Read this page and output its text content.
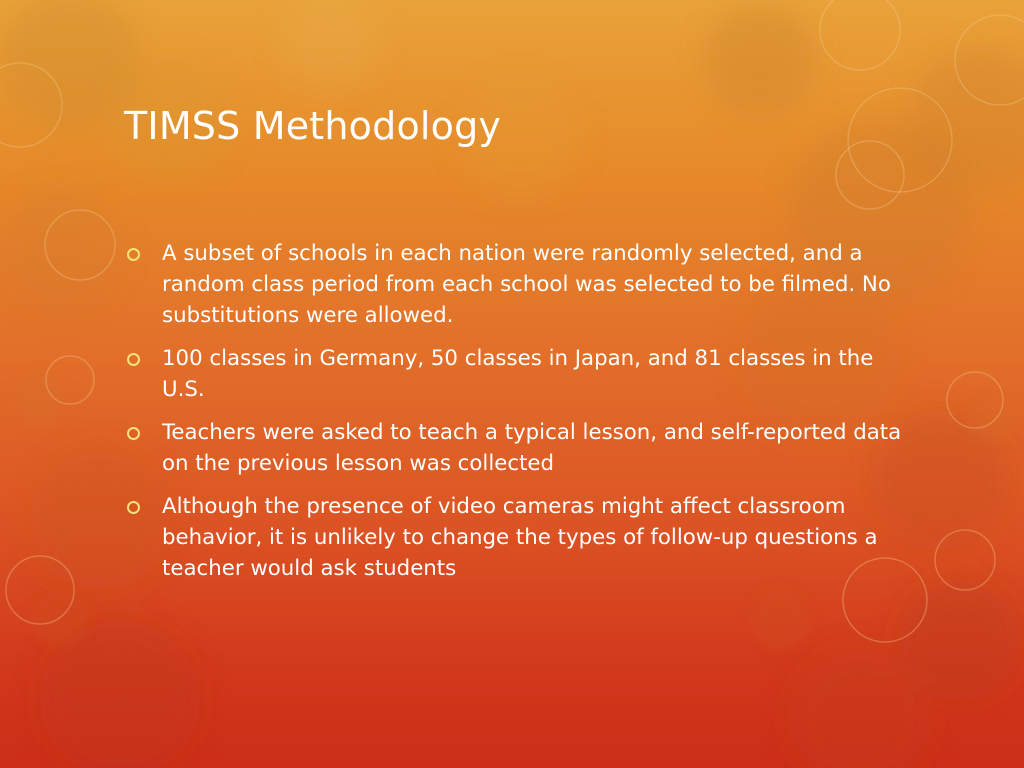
TIMSS Methodology
A subset of schools in each nation were randomly selected, and a random class period from each school was selected to be filmed. No substitutions were allowed.
100 classes in Germany, 50 classes in Japan, and 81 classes in the U.S.
Teachers were asked to teach a typical lesson, and self-reported data on the previous lesson was collected
Although the presence of video cameras might affect classroom behavior, it is unlikely to change the types of follow-up questions a teacher would ask students
